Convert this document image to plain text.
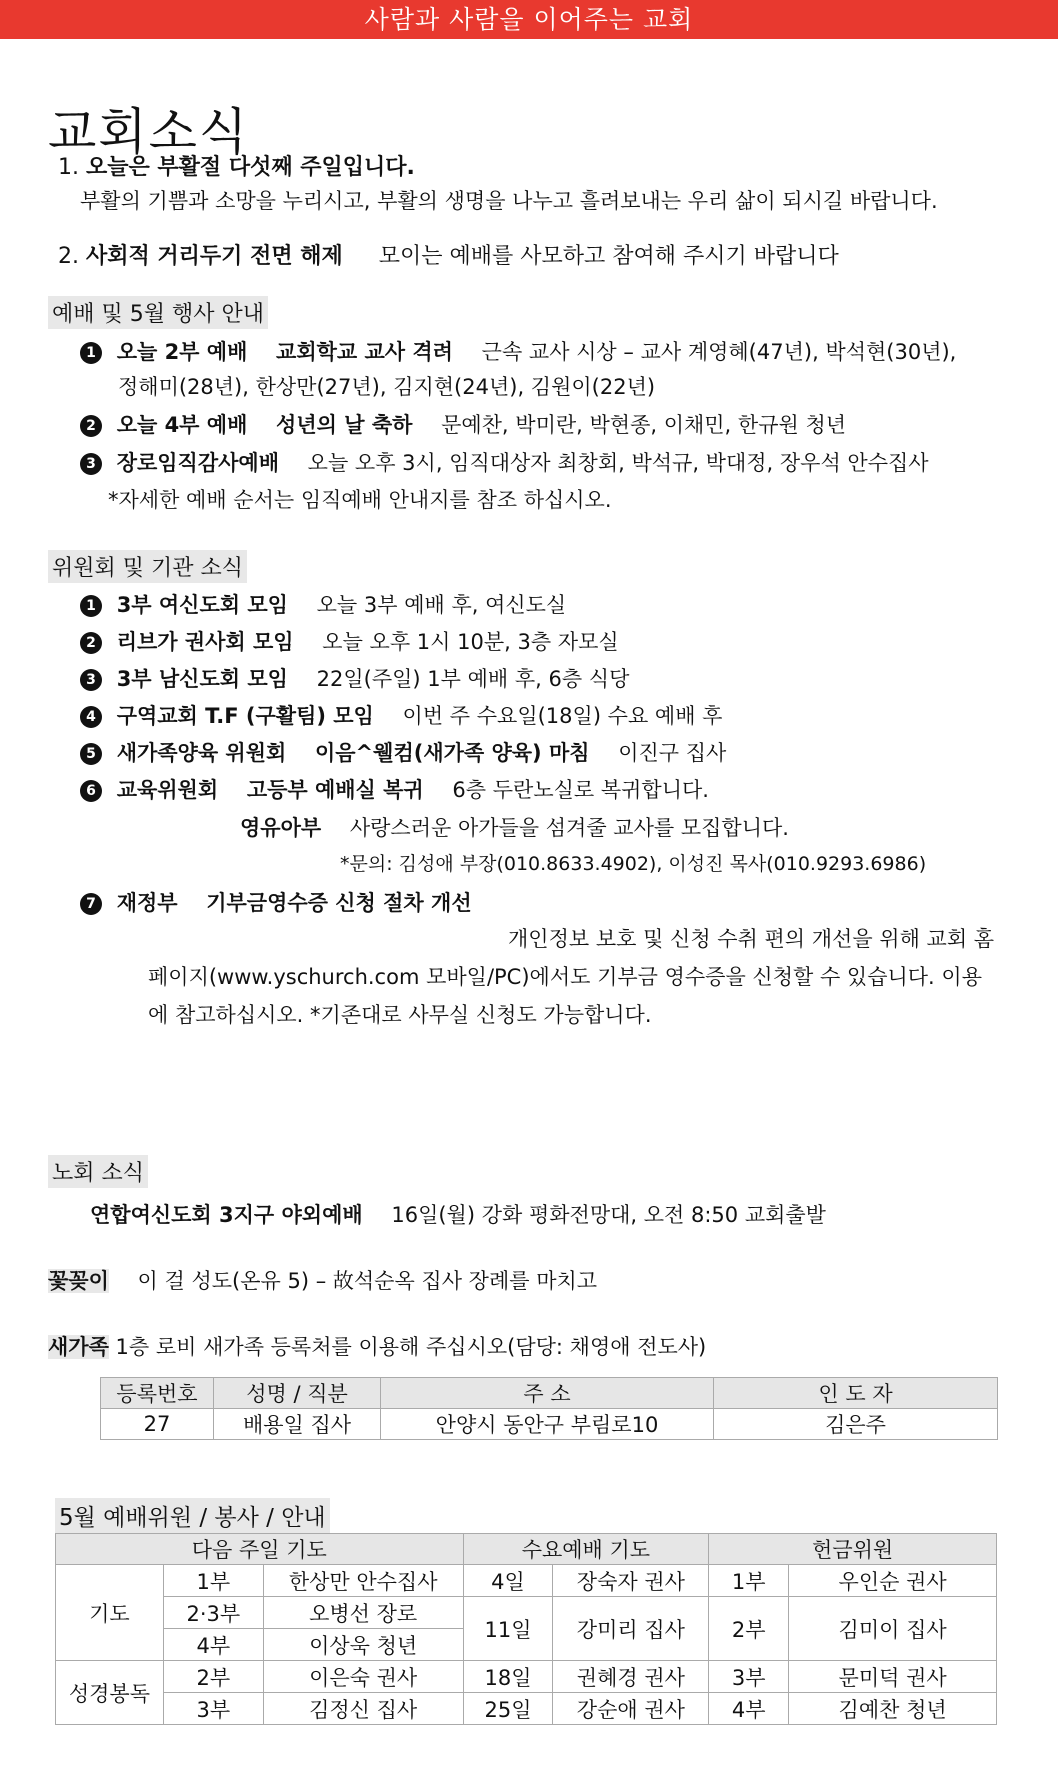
사람과 사람을 이어주는 교회
교회소식
1. 오늘은 부활절 다섯째 주일입니다.
부활의 기쁨과 소망을 누리시고, 부활의 생명을 나누고 흘려보내는 우리 삶이 되시길 바랍니다.
2. 사회적 거리두기 전면 해제 모이는 예배를 사모하고 참여해 주시기 바랍니다
예배 및 5월 행사 안내
1 오늘 2부 예배 교회학교 교사 격려 근속 교사 시상 – 교사 계영혜(47년), 박석현(30년),
정해미(28년), 한상만(27년), 김지현(24년), 김원이(22년)
2 오늘 4부 예배 성년의 날 축하 문예찬, 박미란, 박현종, 이채민, 한규원 청년
3 장로임직감사예배 오늘 오후 3시, 임직대상자 최창회, 박석규, 박대정, 장우석 안수집사
*자세한 예배 순서는 임직예배 안내지를 참조 하십시오.
위원회 및 기관 소식
1 3부 여신도회 모임 오늘 3부 예배 후, 여신도실
2 리브가 권사회 모임 오늘 오후 1시 10분, 3층 자모실
3 3부 남신도회 모임 22일(주일) 1부 예배 후, 6층 식당
4 구역교회 T.F (구활팀) 모임 이번 주 수요일(18일) 수요 예배 후
5 새가족양육 위원회 이음^웰컴(새가족 양육) 마침 이진구 집사
6 교육위원회 고등부 예배실 복귀 6층 두란노실로 복귀합니다.
영유아부 사랑스러운 아가들을 섬겨줄 교사를 모집합니다.
*문의: 김성애 부장(010.8633.4902), 이성진 목사(010.9293.6986)
7 재정부 기부금영수증 신청 절차 개선
개인정보 보호 및 신청 수취 편의 개선을 위해 교회 홈페이지(www.yschurch.com 모바일/PC)에서도 기부금 영수증을 신청할 수 있습니다. 이용에 참고하십시오. *기존대로 사무실 신청도 가능합니다.
노회 소식
연합여신도회 3지구 야외예배 16일(월) 강화 평화전망대, 오전 8:50 교회출발
꽃꽂이 이 걸 성도(온유 5) – 故석순옥 집사 장례를 마치고
새가족 1층 로비 새가족 등록처를 이용해 주십시오(담당: 채영애 전도사)
등록번호	성명 / 직분	주 소	인 도 자
27	배용일 집사	안양시 동안구 부림로10	김은주
5월 예배위원 / 봉사 / 안내
다음 주일 기도			수요예배 기도		헌금위원	
기도	1부	한상만 안수집사	4일	장숙자 권사	1부	우인순 권사
	2·3부	오병선 장로	11일	강미리 집사	2부	김미이 집사
	4부	이상욱 청년				
성경봉독	2부	이은숙 권사	18일	권혜경 권사	3부	문미덕 권사
	3부	김정신 집사	25일	강순애 권사	4부	김예찬 청년
